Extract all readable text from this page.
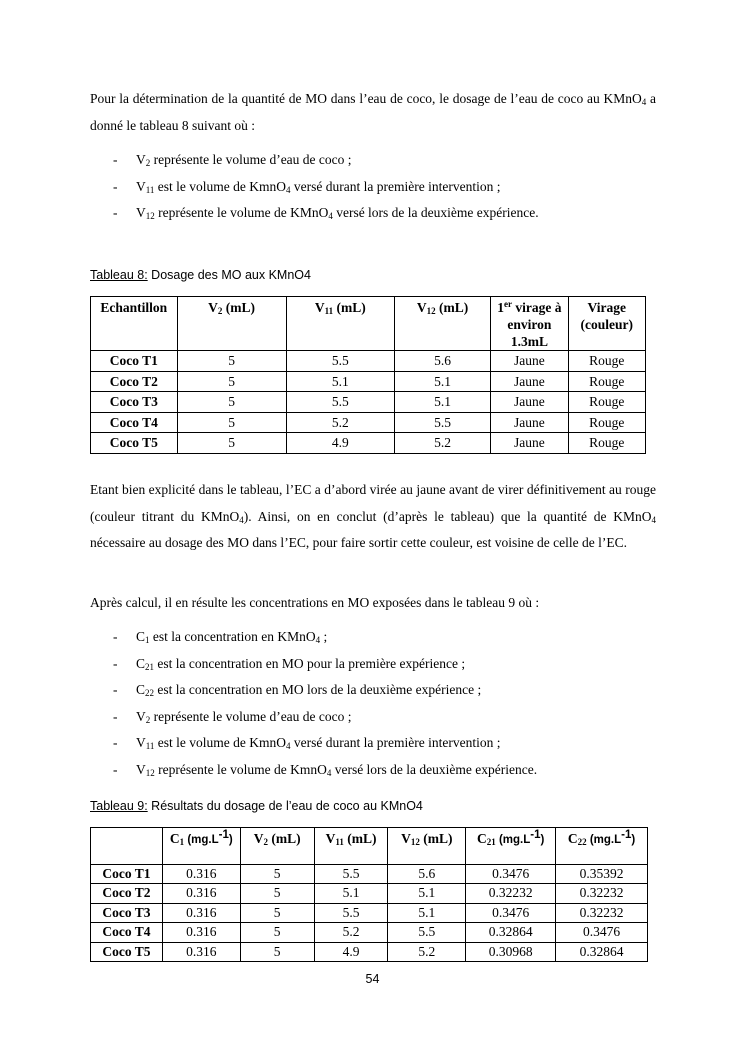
Pour la détermination de la quantité de MO dans l’eau de coco, le dosage de l’eau de coco au KMnO$_4$ a donné le tableau 8 suivant où :

- $V_2$ représente le volume d’eau de coco ;
- $V_{11}$ est le volume de KmnO$_4$ versé durant la première intervention ;
- $V_{12}$ représente le volume de KMnO$_4$ versé lors de la deuxième expérience.
Tableau 8: Dosage des MO aux KMnO4
Echantillon	$V_2$ (mL)	$V_{11}$ (mL)	$V_{12}$ (mL)	1er virage à environ 1.3mL	Virage (couleur)
Coco T1	5	5.5	5.6	Jaune	Rouge
Coco T2	5	5.1	5.1	Jaune	Rouge
Coco T3	5	5.5	5.1	Jaune	Rouge
Coco T4	5	5.2	5.5	Jaune	Rouge
Coco T5	5	4.9	5.2	Jaune	Rouge

Etant bien explicité dans le tableau, l’EC a d’abord virée au jaune avant de virer définitivement au rouge (couleur titrant du KMnO$_4$). Ainsi, on en conclut (d’après le tableau) que la quantité de KMnO$_4$ nécessaire au dosage des MO dans l’EC, pour faire sortir cette couleur, est voisine de celle de l’EC.

Après calcul, il en résulte les concentrations en MO exposées dans le tableau 9 où :

- $C_1$ est la concentration en KMnO$_4$ ;
- $C_{21}$ est la concentration en MO pour la première expérience ;
- $C_{22}$ est la concentration en MO lors de la deuxième expérience ;
- $V_2$ représente le volume d’eau de coco ;
- $V_{11}$ est le volume de KmnO$_4$ versé durant la première intervention ;
- $V_{12}$ représente le volume de KmnO$_4$ versé lors de la deuxième expérience.
Tableau 9: Résultats du dosage de l’eau de coco au KMnO4
	$C_1$ $(mg.L^{-1})$	$V_2$ (mL)	$V_{11}$ (mL)	$V_{12}$ (mL)	$C_{21}$ $(mg.L^{-1})$	$C_{22}$ $(mg.L^{-1})$
Coco T1	0.316	5	5.5	5.6	0.3476	0.35392
Coco T2	0.316	5	5.1	5.1	0.32232	0.32232
Coco T3	0.316	5	5.5	5.1	0.3476	0.32232
Coco T4	0.316	5	5.2	5.5	0.32864	0.3476
Coco T5	0.316	5	4.9	5.2	0.30968	0.32864
54
